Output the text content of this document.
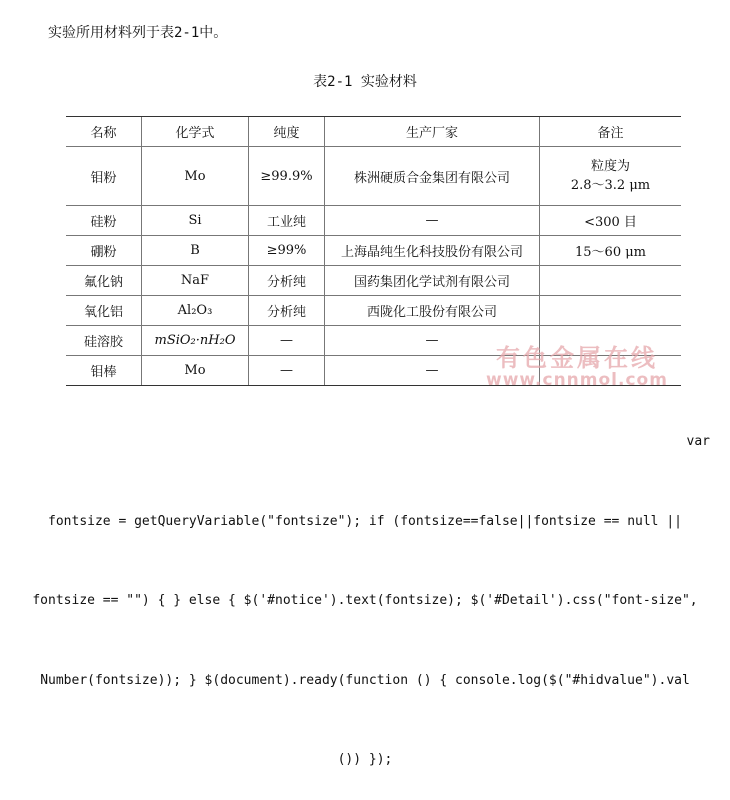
实验所用材料列于表2-1中。
表2-1 实验材料
名称	化学式	纯度	生产厂家	备注
钼粉	Mo	≥99.9%	株洲硬质合金集团有限公司	粒度为
2.8～3.2 μm
硅粉	Si	工业纯	—	<300 目
硼粉	B	≥99%	上海晶纯生化科技股份有限公司	15～60 μm
氟化钠	NaF	分析纯	国药集团化学试剂有限公司	
氧化铝	Al₂O₃	分析纯	西陇化工股份有限公司	
硅溶胶	mSiO₂·nH₂O	—	—	
钼棒	Mo	—	—		有色金属在线
www.cnnmol.com

var

fontsize = getQueryVariable("fontsize"); if (fontsize==false||fontsize == null ||

fontsize == "") { } else { $('#notice').text(fontsize); $('#Detail').css("font-size",

Number(fontsize)); } $(document).ready(function () { console.log($("#hidvalue").val

()) });
